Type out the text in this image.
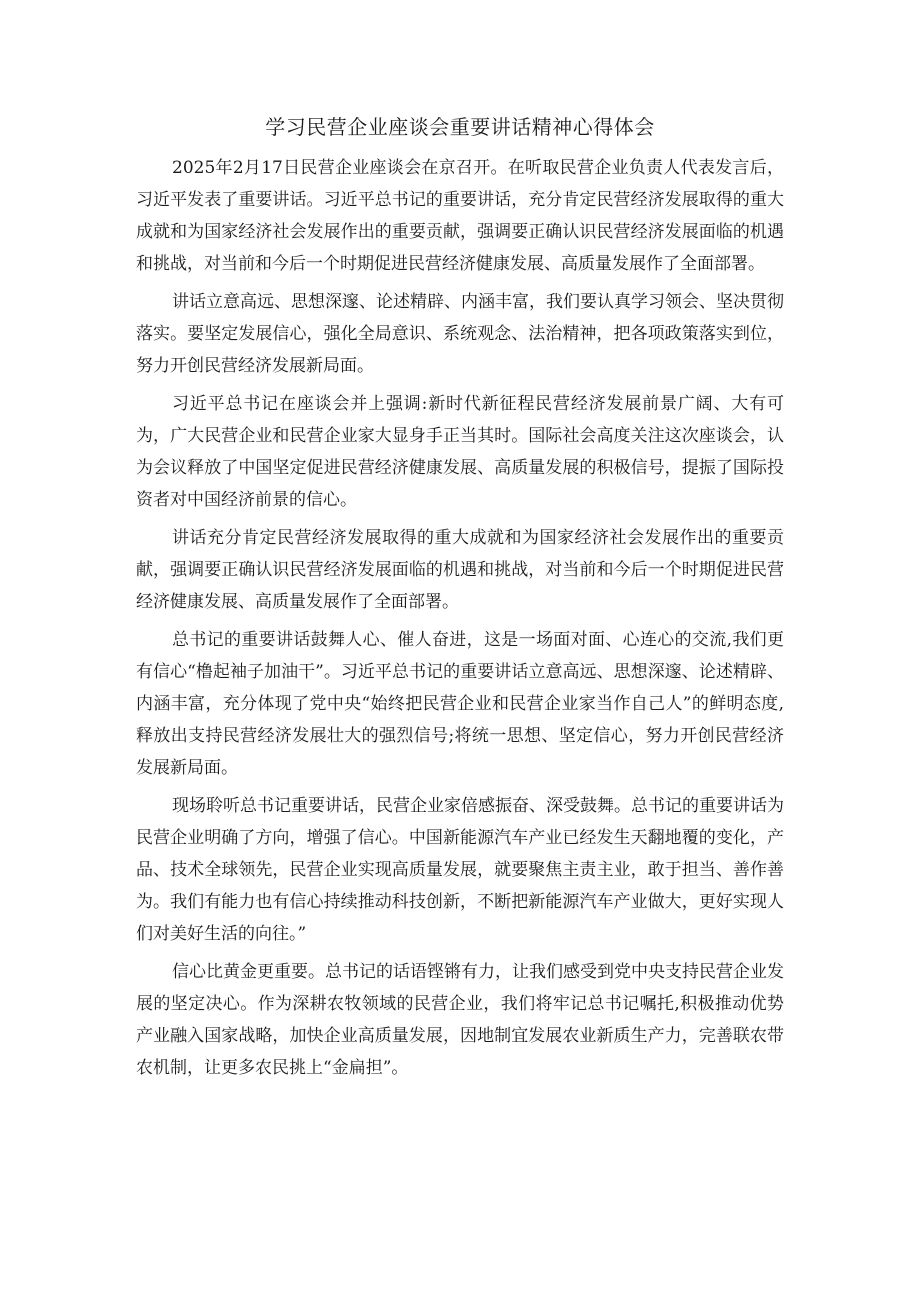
学习民营企业座谈会重要讲话精神心得体会

2025年2月17日民营企业座谈会在京召开。在听取民营企业负责人代表发言后，习近平发表了重要讲话。习近平总书记的重要讲话，充分肯定民营经济发展取得的重大成就和为国家经济社会发展作出的重要贡献，强调要正确认识民营经济发展面临的机遇和挑战，对当前和今后一个时期促进民营经济健康发展、高质量发展作了全面部署。

讲话立意高远、思想深邃、论述精辟、内涵丰富，我们要认真学习领会、坚决贯彻落实。要坚定发展信心，强化全局意识、系统观念、法治精神，把各项政策落实到位，努力开创民营经济发展新局面。

习近平总书记在座谈会并上强调:新时代新征程民营经济发展前景广阔、大有可为，广大民营企业和民营企业家大显身手正当其时。国际社会高度关注这次座谈会，认为会议释放了中国坚定促进民营经济健康发展、高质量发展的积极信号，提振了国际投资者对中国经济前景的信心。

讲话充分肯定民营经济发展取得的重大成就和为国家经济社会发展作出的重要贡献，强调要正确认识民营经济发展面临的机遇和挑战，对当前和今后一个时期促进民营经济健康发展、高质量发展作了全面部署。

总书记的重要讲话鼓舞人心、催人奋进，这是一场面对面、心连心的交流,我们更有信心“橹起袖子加油干”。习近平总书记的重要讲话立意高远、思想深邃、论述精辟、内涵丰富，充分体现了党中央“始终把民营企业和民营企业家当作自己人”的鲜明态度,释放出支持民营经济发展壮大的强烈信号;将统一思想、坚定信心，努力开创民营经济发展新局面。

现场聆听总书记重要讲话，民营企业家倍感振奋、深受鼓舞。总书记的重要讲话为民营企业明确了方向，增强了信心。中国新能源汽车产业已经发生天翻地覆的变化，产品、技术全球领先，民营企业实现高质量发展，就要聚焦主责主业，敢于担当、善作善为。我们有能力也有信心持续推动科技创新，不断把新能源汽车产业做大，更好实现人们对美好生活的向往。”

信心比黄金更重要。总书记的话语铿锵有力，让我们感受到党中央支持民营企业发展的坚定决心。作为深耕农牧领域的民营企业，我们将牢记总书记嘱托,积极推动优势产业融入国家战略，加快企业高质量发展，因地制宜发展农业新质生产力，完善联农带农机制，让更多农民挑上“金扁担”。
